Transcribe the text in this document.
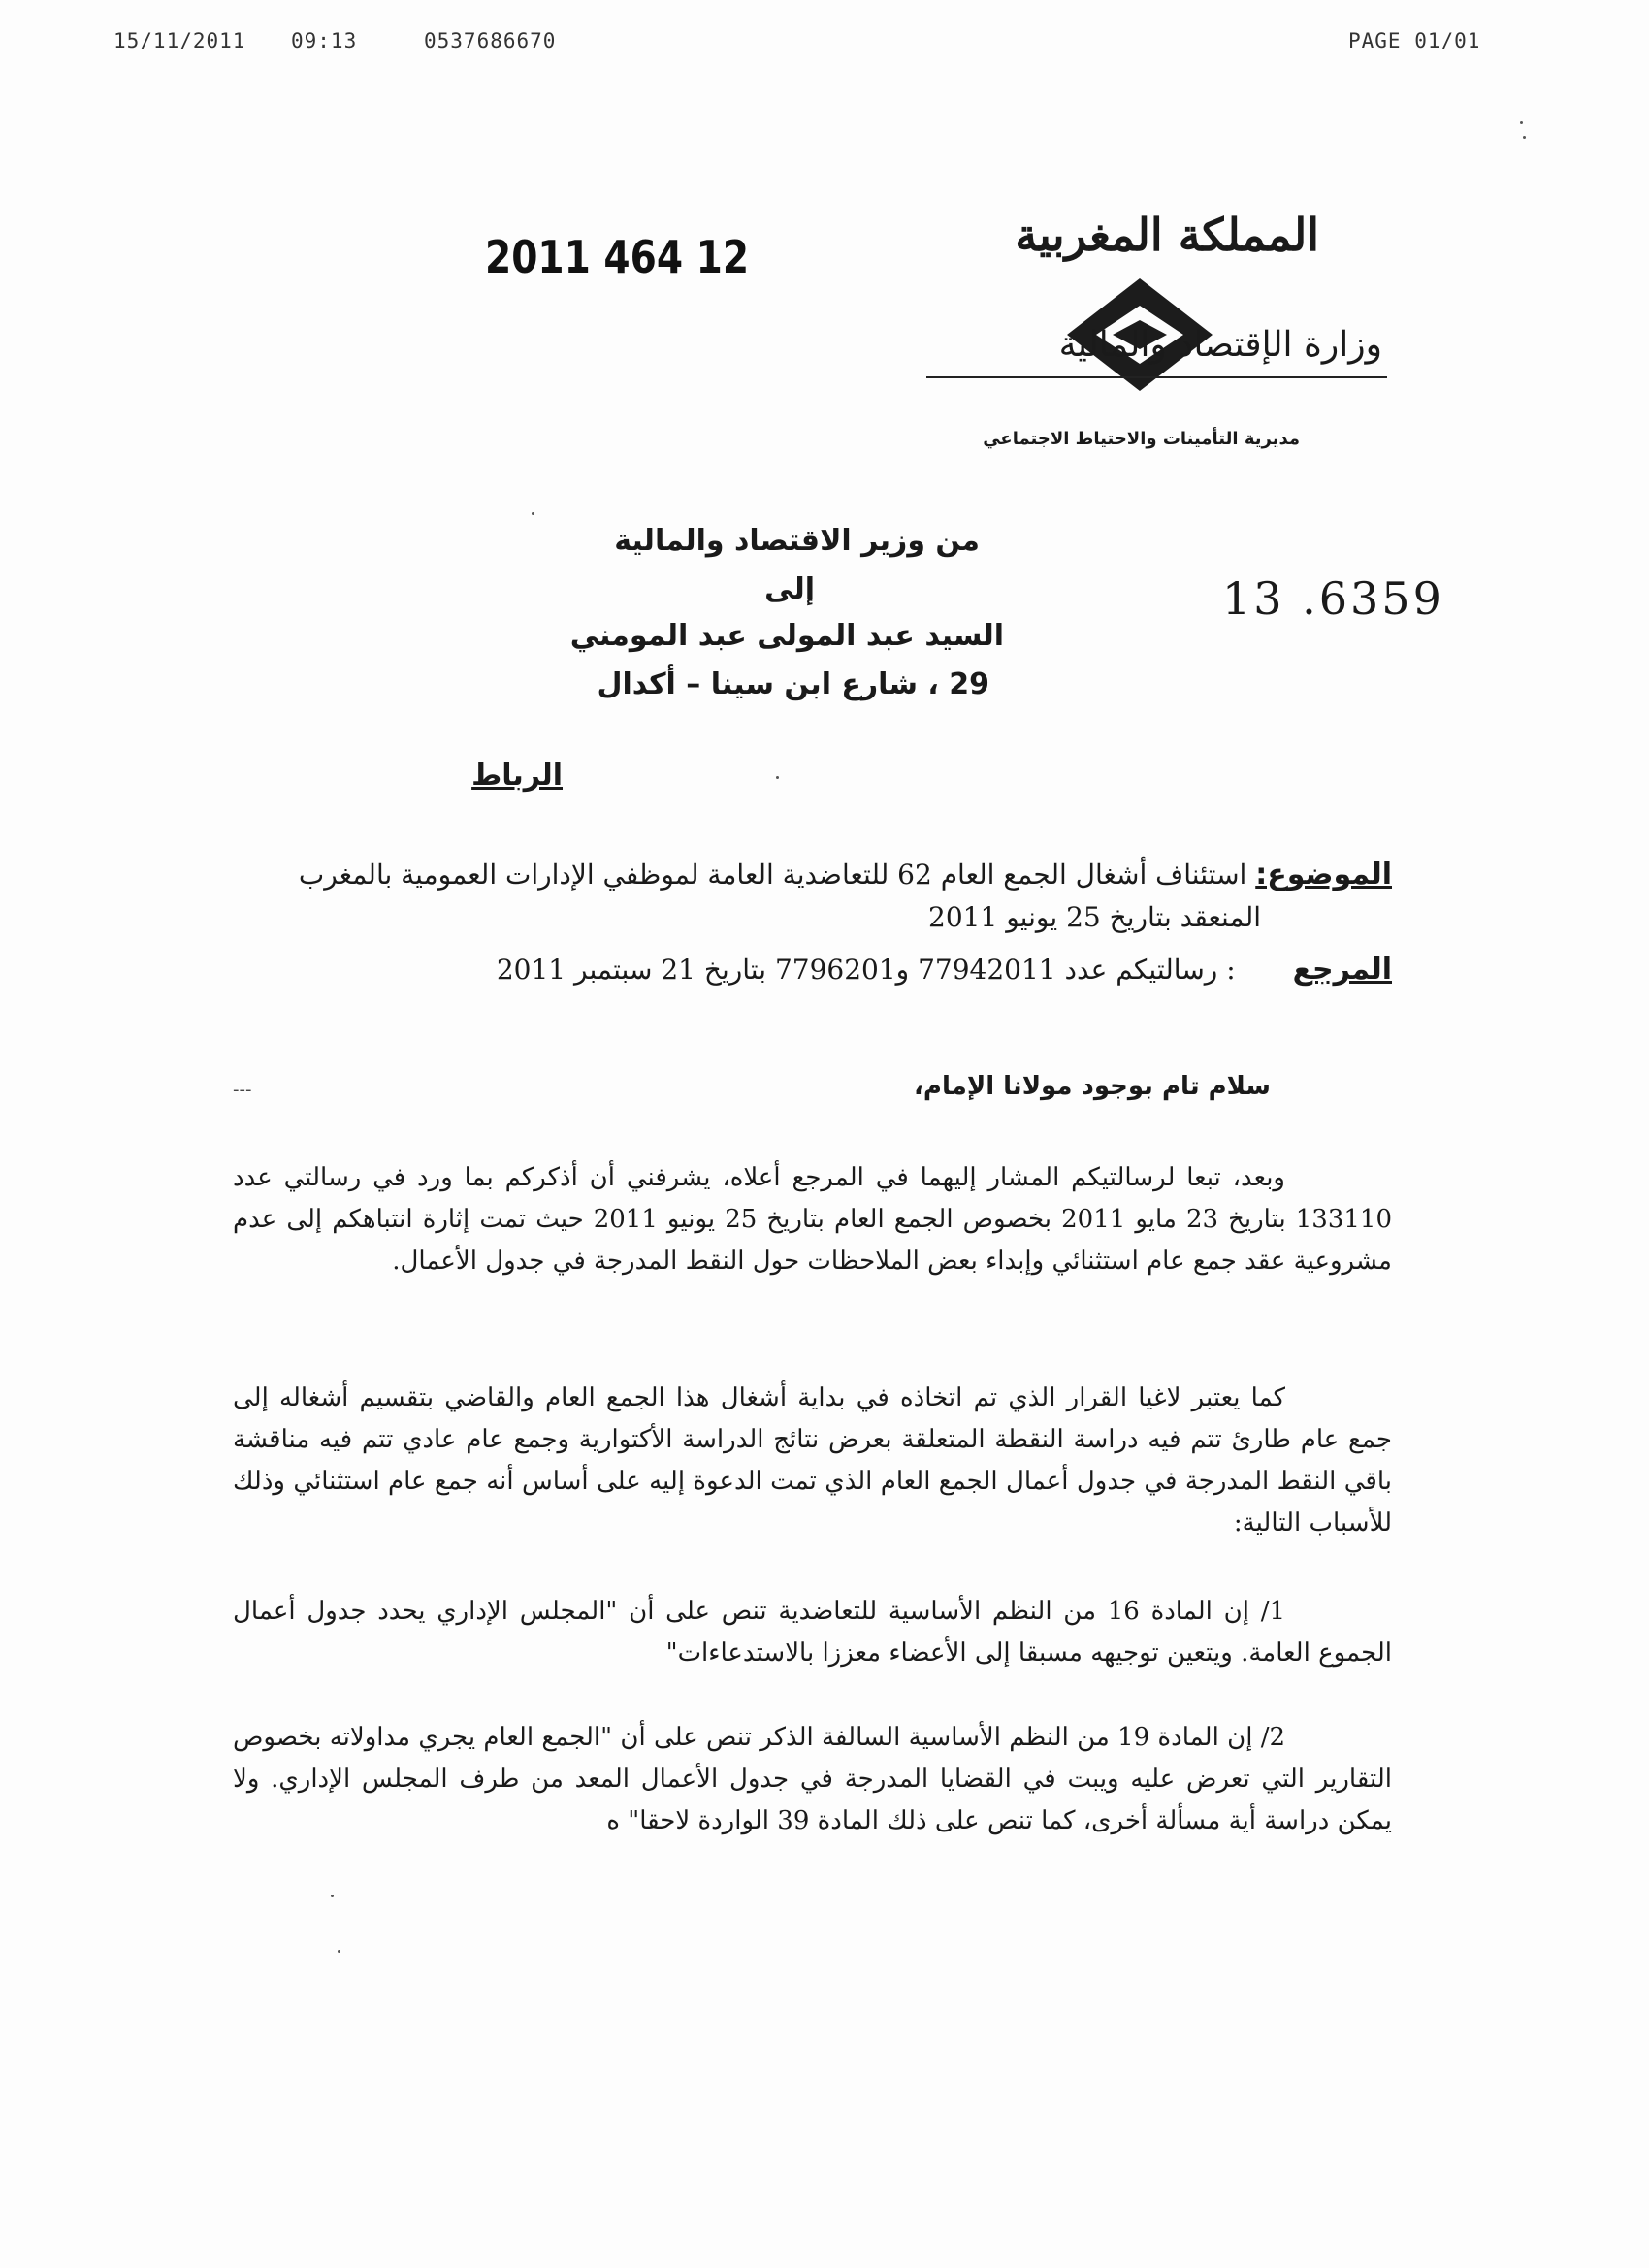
15/11/2011 09:13	0537686670	PAGE 01/01
2011 464 12	المملكة المغربية
وزارة الإقتصاد والمالية
مديرية التأمينات والاحتياط الاجتماعي
13 .6359
من وزير الاقتصاد والمالية
إلى
السيد عبد المولى عبد المومني
29 ، شارع ابن سينا – أكدال
الرباط
الموضوع: استئناف أشغال الجمع العام 62 للتعاضدية العامة لموظفي الإدارات العمومية بالمغرب
المنعقد بتاريخ 25 يونيو 2011
المرجع : رسالتيكم عدد 77942011 و7796201 بتاريخ 21 سبتمبر 2011
سلام تام بوجود مولانا الإمام،
---
وبعد، تبعا لرسالتيكم المشار إليهما في المرجع أعلاه، يشرفني أن أذكركم بما ورد في رسالتي عدد 133110 بتاريخ 23 مايو 2011 بخصوص الجمع العام بتاريخ 25 يونيو 2011 حيث تمت إثارة انتباهكم إلى عدم مشروعية عقد جمع عام استثنائي وإبداء بعض الملاحظات حول النقط المدرجة في جدول الأعمال.
كما يعتبر لاغيا القرار الذي تم اتخاذه في بداية أشغال هذا الجمع العام والقاضي بتقسيم أشغاله إلى جمع عام طارئ تتم فيه دراسة النقطة المتعلقة بعرض نتائج الدراسة الأكتوارية وجمع عام عادي تتم فيه مناقشة باقي النقط المدرجة في جدول أعمال الجمع العام الذي تمت الدعوة إليه على أساس أنه جمع عام استثنائي وذلك للأسباب التالية:
1/ إن المادة 16 من النظم الأساسية للتعاضدية تنص على أن "المجلس الإداري يحدد جدول أعمال الجموع العامة. ويتعين توجيهه مسبقا إلى الأعضاء معززا بالاستدعاءات"
2/ إن المادة 19 من النظم الأساسية السالفة الذكر تنص على أن "الجمع العام يجري مداولاته بخصوص التقارير التي تعرض عليه ويبت في القضايا المدرجة في جدول الأعمال المعد من طرف المجلس الإداري. ولا يمكن دراسة أية مسألة أخرى، كما تنص على ذلك المادة 39 الواردة لاحقا" ه
